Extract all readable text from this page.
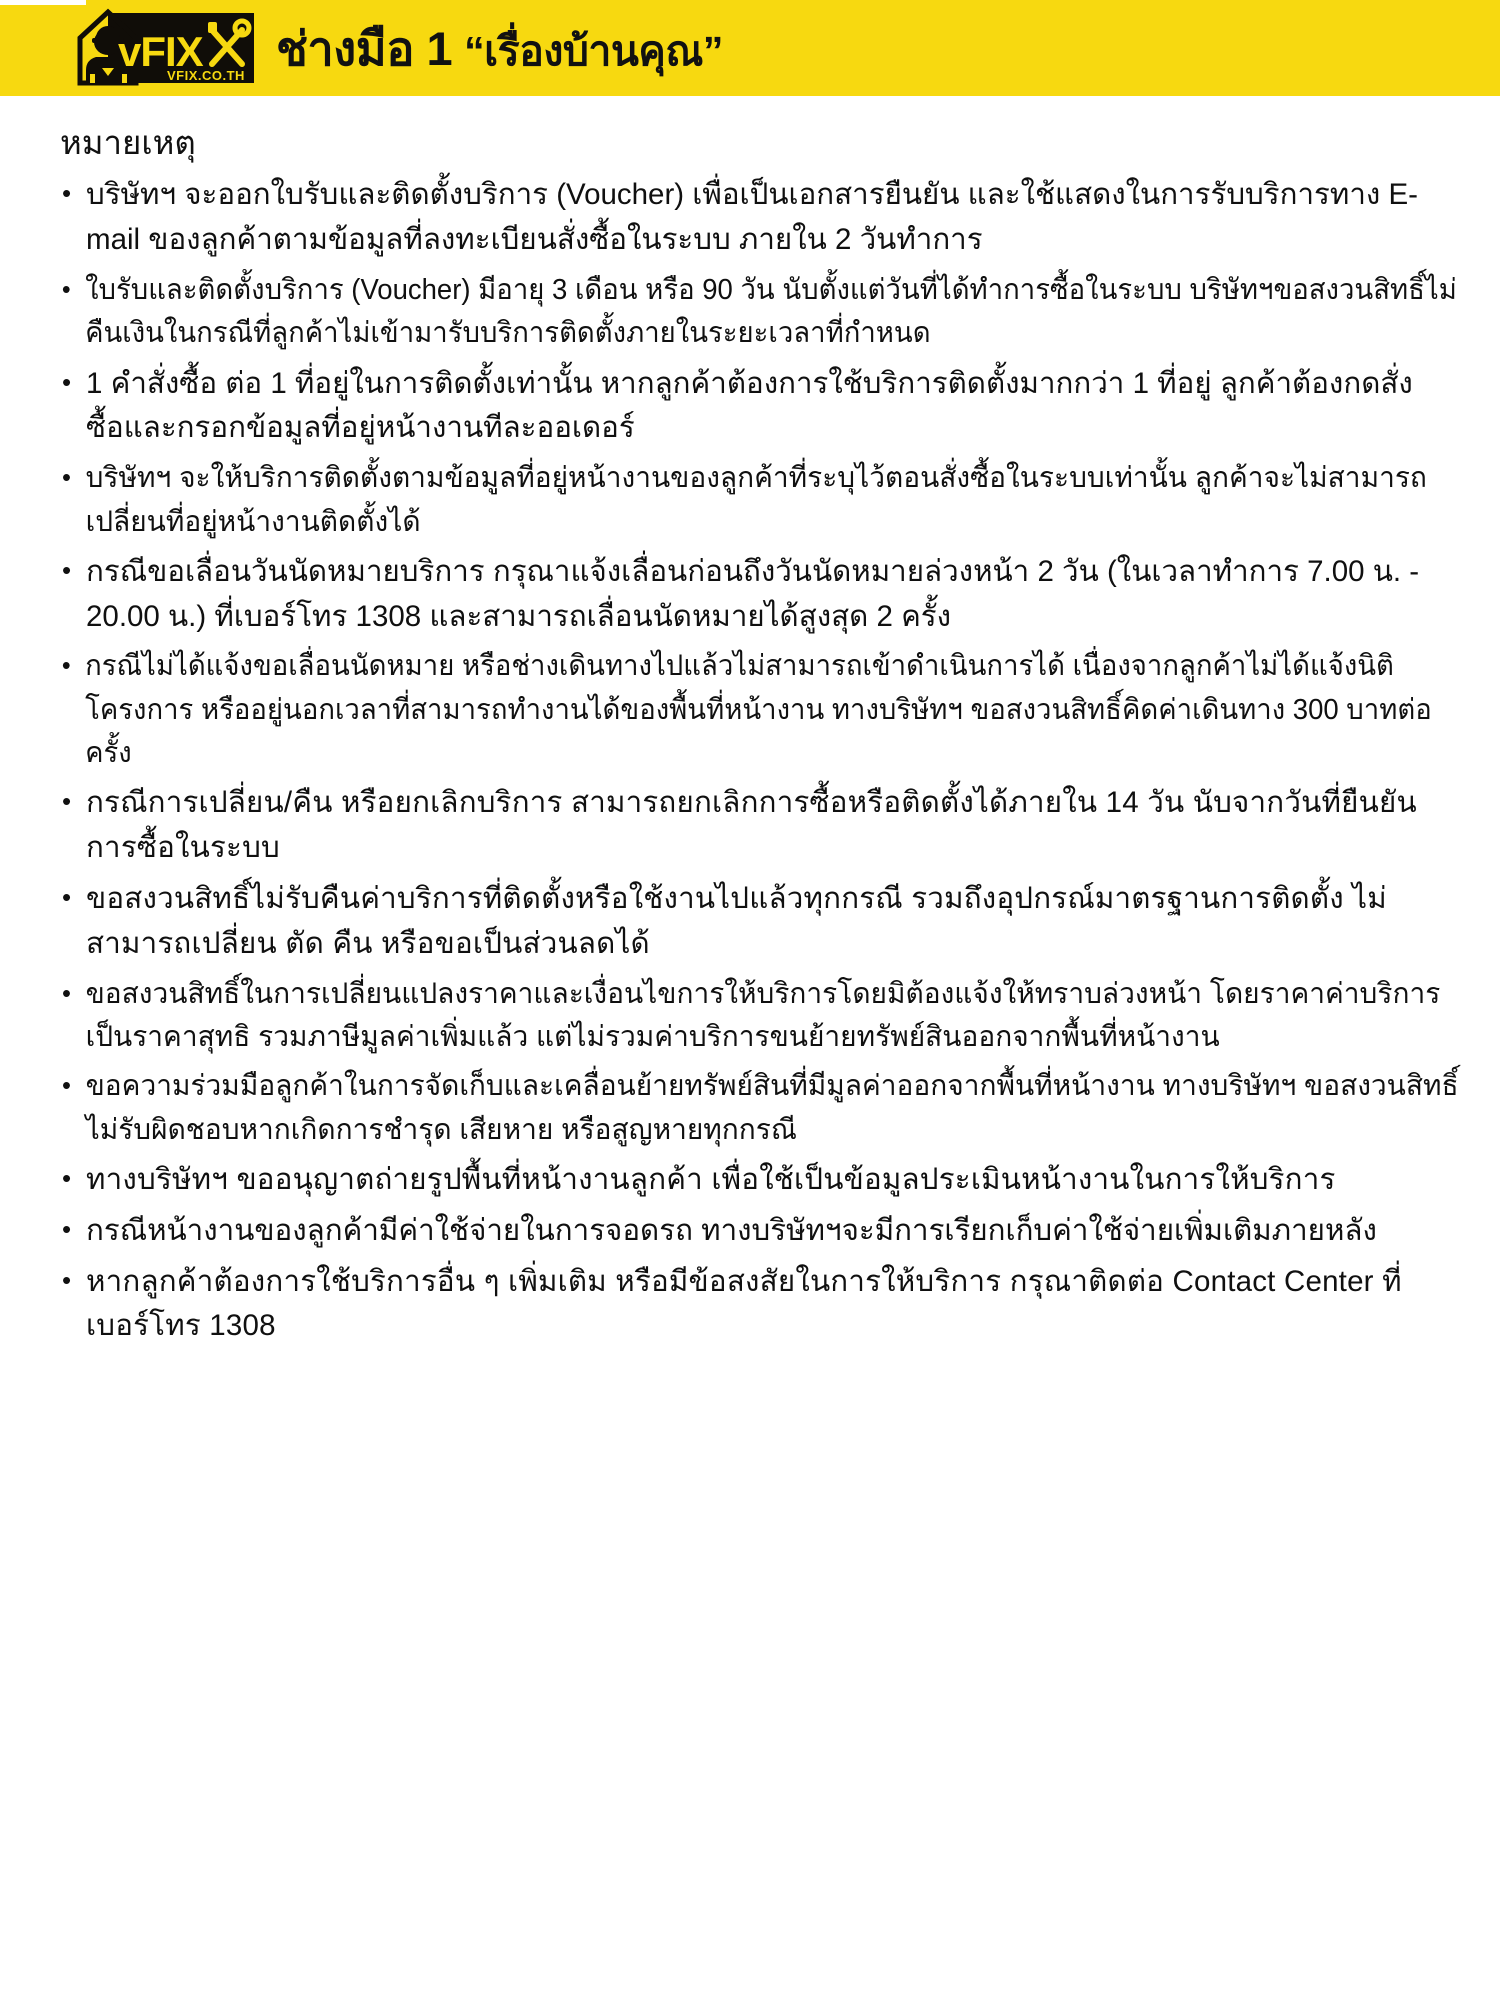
vFIX
VFIX.CO.TH
ช่างมือ 1 “เรื่องบ้านคุณ”
หมายเหตุ

• บริษัทฯ จะออกใบรับและติดตั้งบริการ (Voucher) เพื่อเป็นเอกสารยืนยัน และใช้แสดงในการรับบริการทาง E-mail ของลูกค้าตามข้อมูลที่ลงทะเบียนสั่งซื้อในระบบ ภายใน 2 วันทำการ

• ใบรับและติดตั้งบริการ (Voucher) มีอายุ 3 เดือน หรือ 90 วัน นับตั้งแต่วันที่ได้ทำการซื้อในระบบ บริษัทฯขอสงวนสิทธิ์ไม่คืนเงินในกรณีที่ลูกค้าไม่เข้ามารับบริการติดตั้งภายในระยะเวลาที่กำหนด

• 1 คำสั่งซื้อ ต่อ 1 ที่อยู่ในการติดตั้งเท่านั้น หากลูกค้าต้องการใช้บริการติดตั้งมากกว่า 1 ที่อยู่ ลูกค้าต้องกดสั่งซื้อและกรอกข้อมูลที่อยู่หน้างานทีละออเดอร์

• บริษัทฯ จะให้บริการติดตั้งตามข้อมูลที่อยู่หน้างานของลูกค้าที่ระบุไว้ตอนสั่งซื้อในระบบเท่านั้น ลูกค้าจะไม่สามารถเปลี่ยนที่อยู่หน้างานติดตั้งได้

• กรณีขอเลื่อนวันนัดหมายบริการ กรุณาแจ้งเลื่อนก่อนถึงวันนัดหมายล่วงหน้า 2 วัน (ในเวลาทำการ 7.00 น. - 20.00 น.) ที่เบอร์โทร 1308 และสามารถเลื่อนนัดหมายได้สูงสุด 2 ครั้ง

• กรณีไม่ได้แจ้งขอเลื่อนนัดหมาย หรือช่างเดินทางไปแล้วไม่สามารถเข้าดำเนินการได้ เนื่องจากลูกค้าไม่ได้แจ้งนิติโครงการ หรืออยู่นอกเวลาที่สามารถทำงานได้ของพื้นที่หน้างาน ทางบริษัทฯ ขอสงวนสิทธิ์คิดค่าเดินทาง 300 บาทต่อครั้ง

• กรณีการเปลี่ยน/คืน หรือยกเลิกบริการ สามารถยกเลิกการซื้อหรือติดตั้งได้ภายใน 14 วัน นับจากวันที่ยืนยันการซื้อในระบบ

• ขอสงวนสิทธิ์ไม่รับคืนค่าบริการที่ติดตั้งหรือใช้งานไปแล้วทุกกรณี รวมถึงอุปกรณ์มาตรฐานการติดตั้ง ไม่สามารถเปลี่ยน ตัด คืน หรือขอเป็นส่วนลดได้

• ขอสงวนสิทธิ์ในการเปลี่ยนแปลงราคาและเงื่อนไขการให้บริการโดยมิต้องแจ้งให้ทราบล่วงหน้า โดยราคาค่าบริการเป็นราคาสุทธิ รวมภาษีมูลค่าเพิ่มแล้ว แต่ไม่รวมค่าบริการขนย้ายทรัพย์สินออกจากพื้นที่หน้างาน

• ขอความร่วมมือลูกค้าในการจัดเก็บและเคลื่อนย้ายทรัพย์สินที่มีมูลค่าออกจากพื้นที่หน้างาน ทางบริษัทฯ ขอสงวนสิทธิ์ไม่รับผิดชอบหากเกิดการชำรุด เสียหาย หรือสูญหายทุกกรณี

• ทางบริษัทฯ ขออนุญาตถ่ายรูปพื้นที่หน้างานลูกค้า เพื่อใช้เป็นข้อมูลประเมินหน้างานในการให้บริการ

• กรณีหน้างานของลูกค้ามีค่าใช้จ่ายในการจอดรถ ทางบริษัทฯจะมีการเรียกเก็บค่าใช้จ่ายเพิ่มเติมภายหลัง

• หากลูกค้าต้องการใช้บริการอื่น ๆ เพิ่มเติม หรือมีข้อสงสัยในการให้บริการ กรุณาติดต่อ Contact Center ที่เบอร์โทร 1308
